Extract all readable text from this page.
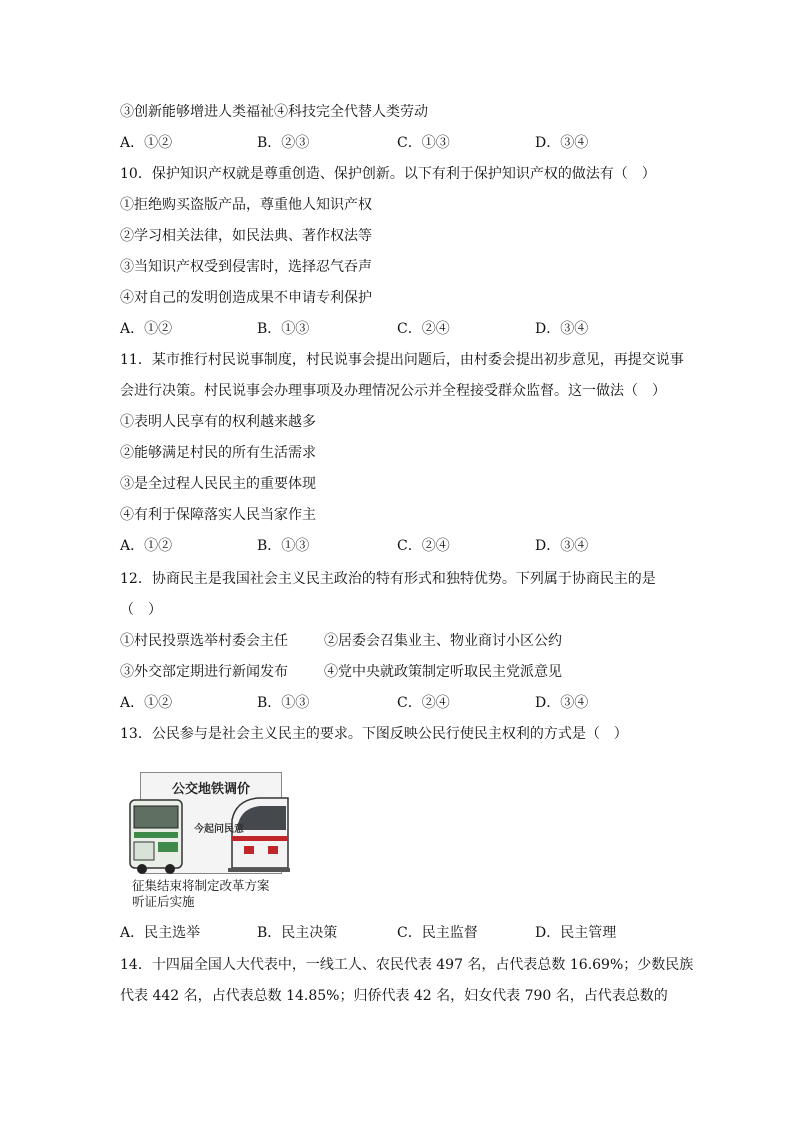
③创新能够增进人类福祉④科技完全代替人类劳动
A．①②	B．②③	C．①③	D．③④
10．保护知识产权就是尊重创造、保护创新。以下有利于保护知识产权的做法有（　）
①拒绝购买盗版产品，尊重他人知识产权
②学习相关法律，如民法典、著作权法等
③当知识产权受到侵害时，选择忍气吞声
④对自己的发明创造成果不申请专利保护
A．①②	B．①③	C．②④	D．③④
11．某市推行村民说事制度，村民说事会提出问题后，由村委会提出初步意见，再提交说事
会进行决策。村民说事会办理事项及办理情况公示并全程接受群众监督。这一做法（　）
①表明人民享有的权利越来越多
②能够满足村民的所有生活需求
③是全过程人民民主的重要体现
④有利于保障落实人民当家作主
A．①②	B．①③	C．②④	D．③④
12．协商民主是我国社会主义民主政治的特有形式和独特优势。下列属于协商民主的是
（　）
①村民投票选举村委会主任	②居委会召集业主、物业商讨小区公约
③外交部定期进行新闻发布	④党中央就政策制定听取民主党派意见
A．①②	B．①③	C．②④	D．③④
13．公民参与是社会主义民主的要求。下图反映公民行使民主权利的方式是（　）
公交地铁调价
今起问民意
征集结束将制定改革方案
听证后实施
A．民主选举	B．民主决策	C．民主监督	D．民主管理
14．十四届全国人大代表中，一线工人、农民代表 497 名，占代表总数 16.69%；少数民族
代表 442 名，占代表总数 14.85%；归侨代表 42 名，妇女代表 790 名，占代表总数的
